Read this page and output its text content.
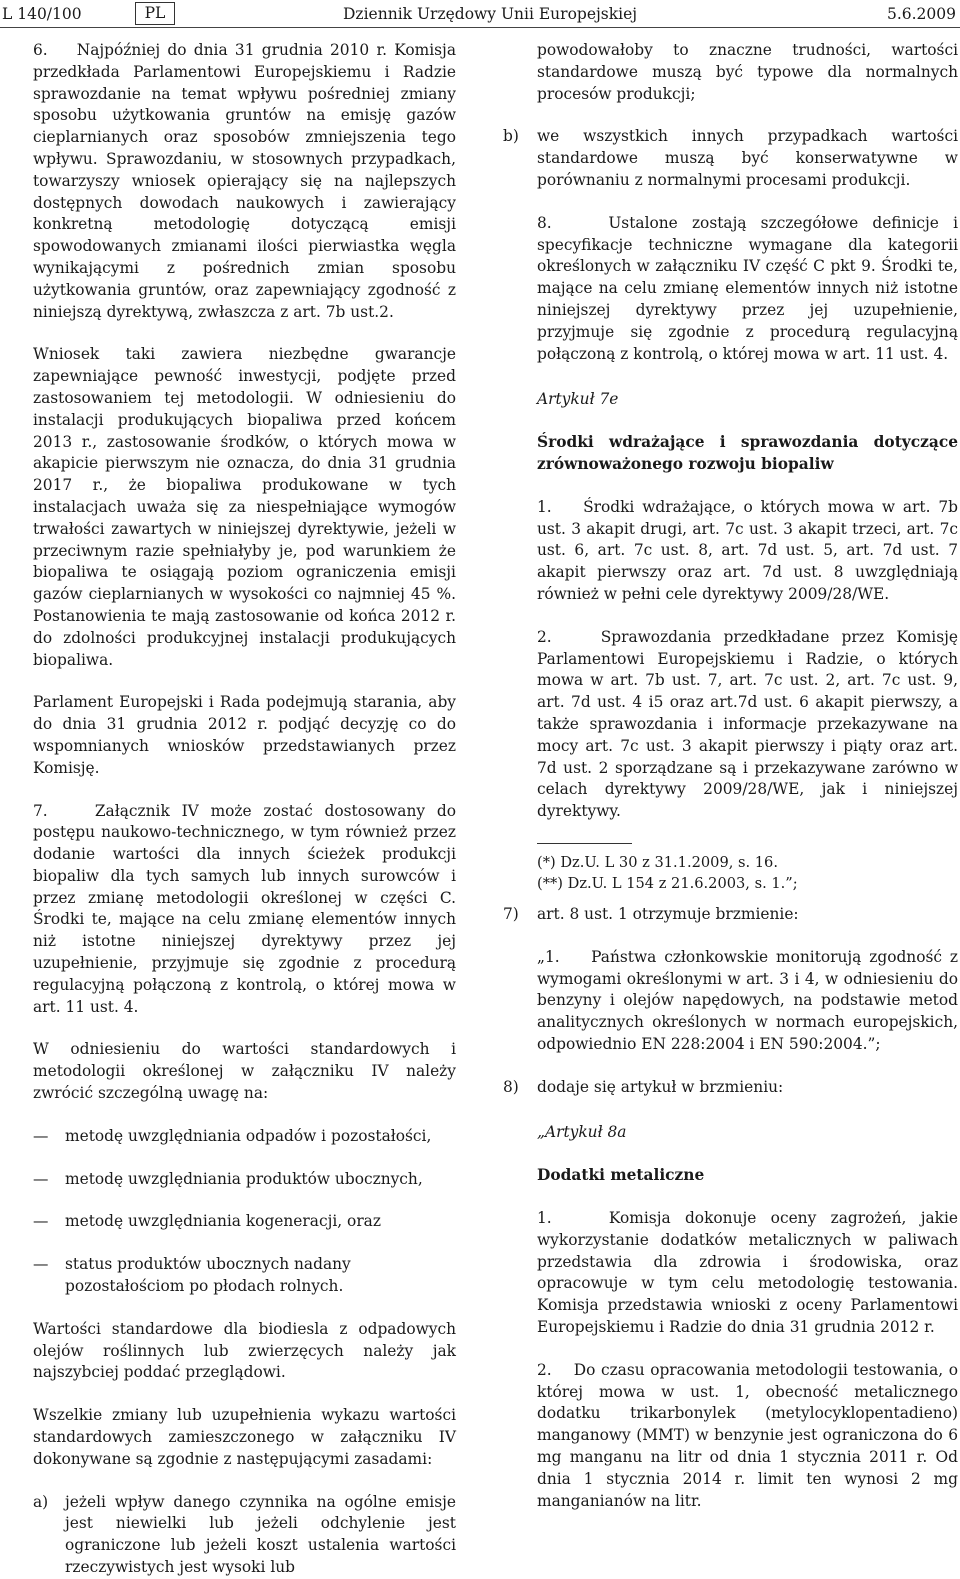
L 140/100	PL	Dziennik Urzędowy Unii Europejskiej	5.6.2009

6.    Najpóźniej do dnia 31 grudnia 2010 r. Komisja przedkłada Parlamentowi Europejskiemu i Radzie sprawozdanie na temat wpływu pośredniej zmiany sposobu użytkowania gruntów na emisję gazów cieplarnianych oraz sposobów zmniejszenia tego wpływu. Sprawozdaniu, w stosownych przypadkach, towarzyszy wniosek opierający się na najlepszych dostępnych dowodach naukowych i zawierający konkretną metodologię dotyczącą emisji spowodowanych zmianami ilości pierwiastka węgla wynikającymi z pośrednich zmian sposobu użytkowania gruntów, oraz zapewniający zgodność z niniejszą dyrektywą, zwłaszcza z art. 7b ust.2.

Wniosek taki zawiera niezbędne gwarancje zapewniające pewność inwestycji, podjęte przed zastosowaniem tej metodologii. W odniesieniu do instalacji produkujących biopaliwa przed końcem 2013 r., zastosowanie środków, o których mowa w akapicie pierwszym nie oznacza, do dnia 31 grudnia 2017 r., że biopaliwa produkowane w tych instalacjach uważa się za niespełniające wymogów trwałości zawartych w niniejszej dyrektywie, jeżeli w przeciwnym razie spełniałyby je, pod warunkiem że biopaliwa te osiągają poziom ograniczenia emisji gazów cieplarnianych w wysokości co najmniej 45 %. Postanowienia te mają zastosowanie od końca 2012 r. do zdolności produkcyjnej instalacji produkujących biopaliwa.

Parlament Europejski i Rada podejmują starania, aby do dnia 31 grudnia 2012 r. podjąć decyzję co do wspomnianych wniosków przedstawianych przez Komisję.

7.    Załącznik IV może zostać dostosowany do postępu naukowo-technicznego, w tym również przez dodanie wartości dla innych ścieżek produkcji biopaliw dla tych samych lub innych surowców i przez zmianę metodologii określonej w części C. Środki te, mające na celu zmianę elementów innych niż istotne niniejszej dyrektywy przez jej uzupełnienie, przyjmuje się zgodnie z procedurą regulacyjną połączoną z kontrolą, o której mowa w art. 11 ust. 4.

W odniesieniu do wartości standardowych i metodologii określonej w załączniku IV należy zwrócić szczególną uwagę na:

—	metodę uwzględniania odpadów i pozostałości,
—	metodę uwzględniania produktów ubocznych,
—	metodę uwzględniania kogeneracji, oraz
—	status produktów ubocznych nadany pozostałościom po płodach rolnych.

Wartości standardowe dla biodiesla z odpadowych olejów roślinnych lub zwierzęcych należy jak najszybciej poddać przeglądowi.

Wszelkie zmiany lub uzupełnienia wykazu wartości standardowych zamieszczonego w załączniku IV dokonywane są zgodnie z następującymi zasadami:

a)	jeżeli wpływ danego czynnika na ogólne emisje jest niewielki lub jeżeli odchylenie jest ograniczone lub jeżeli koszt ustalenia wartości rzeczywistych jest wysoki lub

powodowałoby to znaczne trudności, wartości standardowe muszą być typowe dla normalnych procesów produkcji;

b)	we wszystkich innych przypadkach wartości standardowe muszą być konserwatywne w porównaniu z normalnymi procesami produkcji.

8.    Ustalone zostają szczegółowe definicje i specyfikacje techniczne wymagane dla kategorii określonych w załączniku IV część C pkt 9. Środki te, mające na celu zmianę elementów innych niż istotne niniejszej dyrektywy przez jej uzupełnienie, przyjmuje się zgodnie z procedurą regulacyjną połączoną z kontrolą, o której mowa w art. 11 ust. 4.

Artykuł 7e

Środki wdrażające i sprawozdania dotyczące zrównoważonego rozwoju biopaliw

1.    Środki wdrażające, o których mowa w art. 7b ust. 3 akapit drugi, art. 7c ust. 3 akapit trzeci, art. 7c ust. 6, art. 7c ust. 8, art. 7d ust. 5, art. 7d ust. 7 akapit pierwszy oraz art. 7d ust. 8 uwzględniają również w pełni cele dyrektywy 2009/28/WE.

2.    Sprawozdania przedkładane przez Komisję Parlamentowi Europejskiemu i Radzie, o których mowa w art. 7b ust. 7, art. 7c ust. 2, art. 7c ust. 9, art. 7d ust. 4 i5 oraz art.7d ust. 6 akapit pierwszy, a także sprawozdania i informacje przekazywane na mocy art. 7c ust. 3 akapit pierwszy i piąty oraz art. 7d ust. 2 sporządzane są i przekazywane zarówno w celach dyrektywy 2009/28/WE, jak i niniejszej dyrektywy.

(*) Dz.U. L 30 z 31.1.2009, s. 16.

(**) Dz.U. L 154 z 21.6.2003, s. 1.”;

7)	art. 8 ust. 1 otrzymuje brzmienie:

„1.    Państwa członkowskie monitorują zgodność z wymogami określonymi w art. 3 i 4, w odniesieniu do benzyny i olejów napędowych, na podstawie metod analitycznych określonych w normach europejskich, odpowiednio EN 228:2004 i EN 590:2004.”;

8)	dodaje się artykuł w brzmieniu:

„Artykuł 8a

Dodatki metaliczne

1.    Komisja dokonuje oceny zagrożeń, jakie wykorzystanie dodatków metalicznych w paliwach przedstawia dla zdrowia i środowiska, oraz opracowuje w tym celu metodologię testowania. Komisja przedstawia wnioski z oceny Parlamentowi Europejskiemu i Radzie do dnia 31 grudnia 2012 r.

2.    Do czasu opracowania metodologii testowania, o której mowa w ust. 1, obecność metalicznego dodatku trikarbonylek (metylocyklopentadieno) manganowy (MMT) w benzynie jest ograniczona do 6 mg manganu na litr od dnia 1 stycznia 2011 r. Od dnia 1 stycznia 2014 r. limit ten wynosi 2 mg manganianów na litr.
